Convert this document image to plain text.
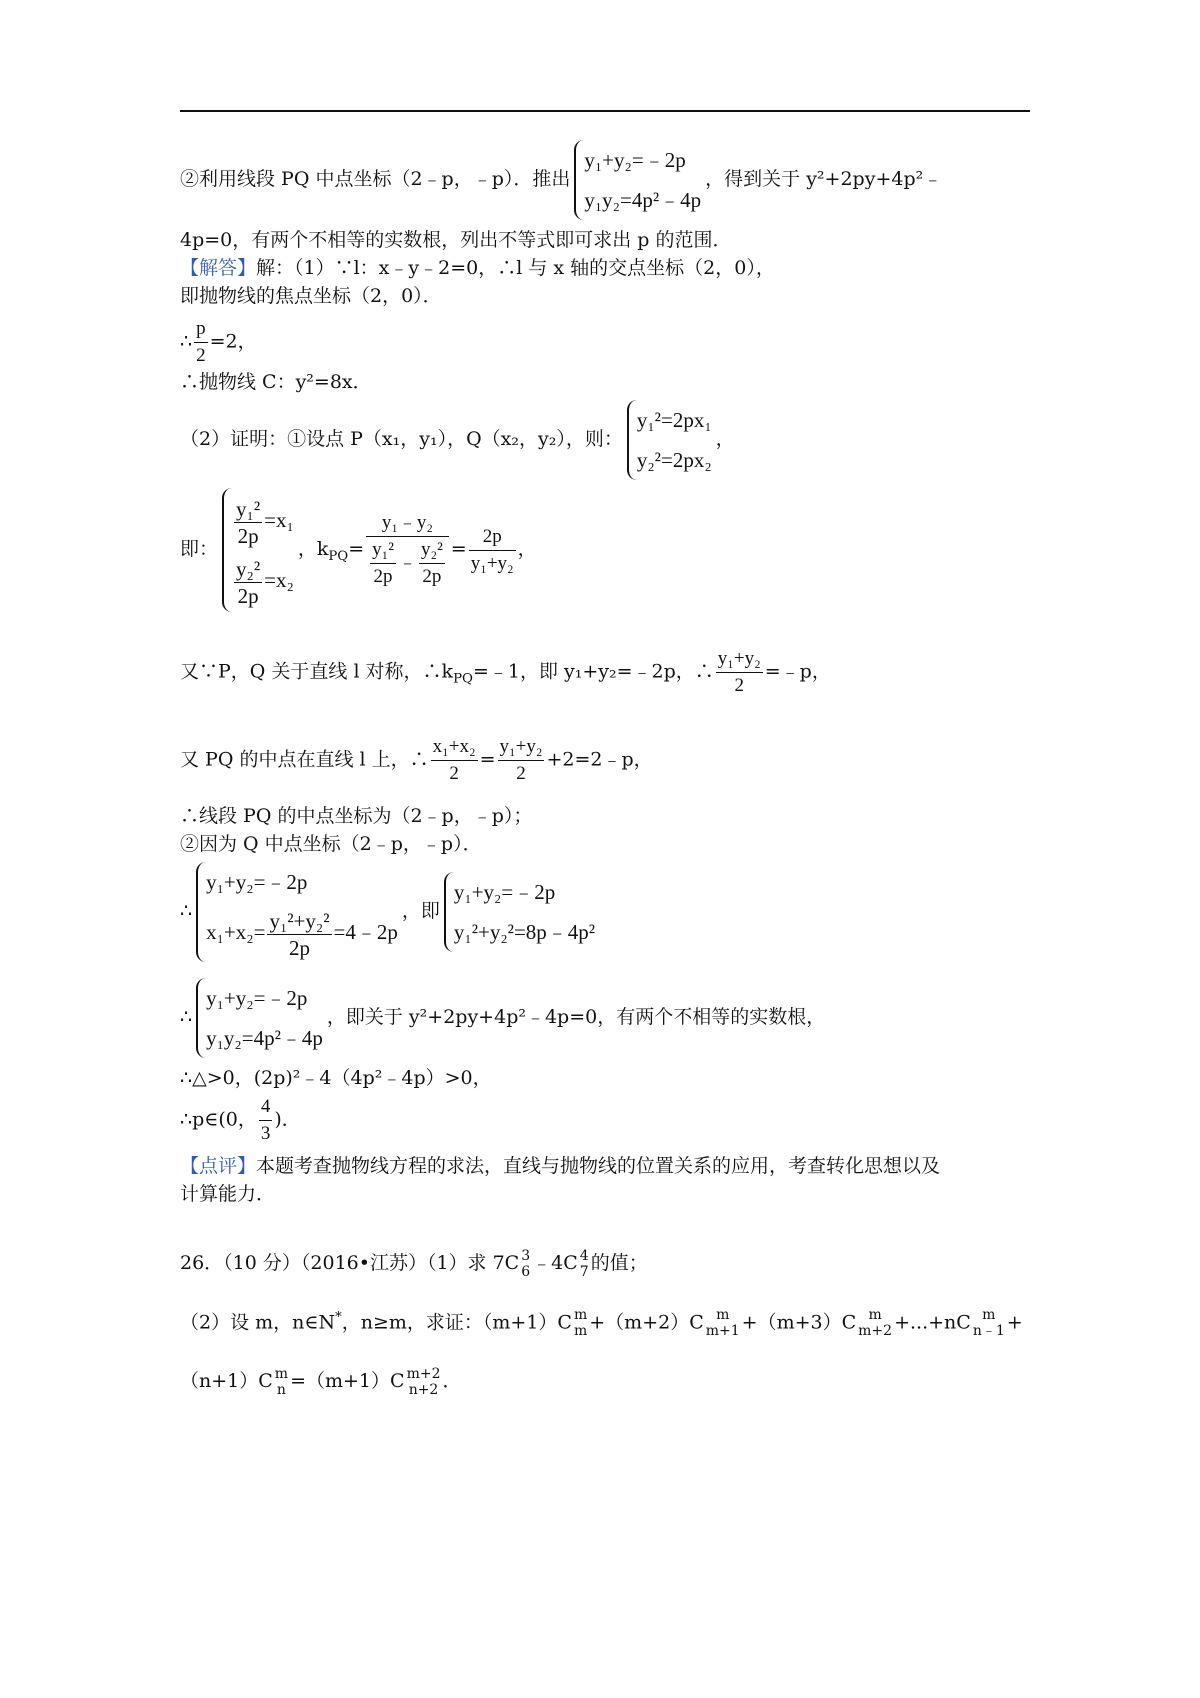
②利用线段 PQ 中点坐标（2﹣p，﹣p）．推出
y₁+y₂=﹣2p
y₁y₂=4p²﹣4p
，得到关于 y²+2py+4p²﹣
4p=0，有两个不相等的实数根，列出不等式即可求出 p 的范围．
【解答】解：（1）∵l：x﹣y﹣2=0，∴l 与 x 轴的交点坐标（2，0），
即抛物线的焦点坐标（2，0）．
∴ $\frac{p}{2} =2$，
∴抛物线 C：y²=8x．
（2）证明：①设点 P（x₁，y₁），Q（x₂，y₂），则：
y₁²=2px₁
y₂²=2px₂
，
即：
$\frac{\text{y₁²}}{2p} =x_1$
$\frac{\text{y₂²}}{2p} =x_2$
，$k_{PQ}= \frac{\text{y₁﹣y₂}}{\frac{\text{y₁²}}{2p} ﹣ \frac{\text{y₂²}}{2p}} = \frac{2p}{\text{y₁+y₂}}$ ，
又∵P，Q 关于直线 l 对称，$\therefore k_{PQ}=﹣1$，即 y₁+y₂=﹣2p，∴ $\frac{\text{y₁+y₂}}{2}$ =﹣p，
又 PQ 的中点在直线 l 上，∴ $\frac{\text{x₁+x₂}}{2} = \frac{\text{y₁+y₂}}{2}$ +2=2﹣p，
∴线段 PQ 的中点坐标为（2﹣p，﹣p）；
②因为 Q 中点坐标（2﹣p，﹣p）．
∴
y₁+y₂=﹣2p
$x_1+x_2= \frac{\text{y₁²+y₂²}}{2p}$ =4﹣2p
，即
y₁+y₂=﹣2p
y₁²+y₂²=8p﹣4p²
∴
y₁+y₂=﹣2p
y₁y₂=4p²﹣4p
，即关于 y²+2py+4p²﹣4p=0，有两个不相等的实数根，
∴△>0，(2p)²﹣4（4p²﹣4p）>0，
∴p∈(0， $\frac{4}{3}$ )．
【点评】本题考查抛物线方程的求法，直线与抛物线的位置关系的应用，考查转化思想以及
计算能力．
26．（10 分）（2016•江苏）（1）求 7C 3
6 ﹣4C 4
7 的值；
（2）设 m，n∈N*，n≥m，求证：（m+1）C m
m +（m+2）C m
m+1 +（m+3）C m
m+2 +...+nC m
n﹣1 +
（n+1）C m
n =（m+1）C m+2
n+2 ．
